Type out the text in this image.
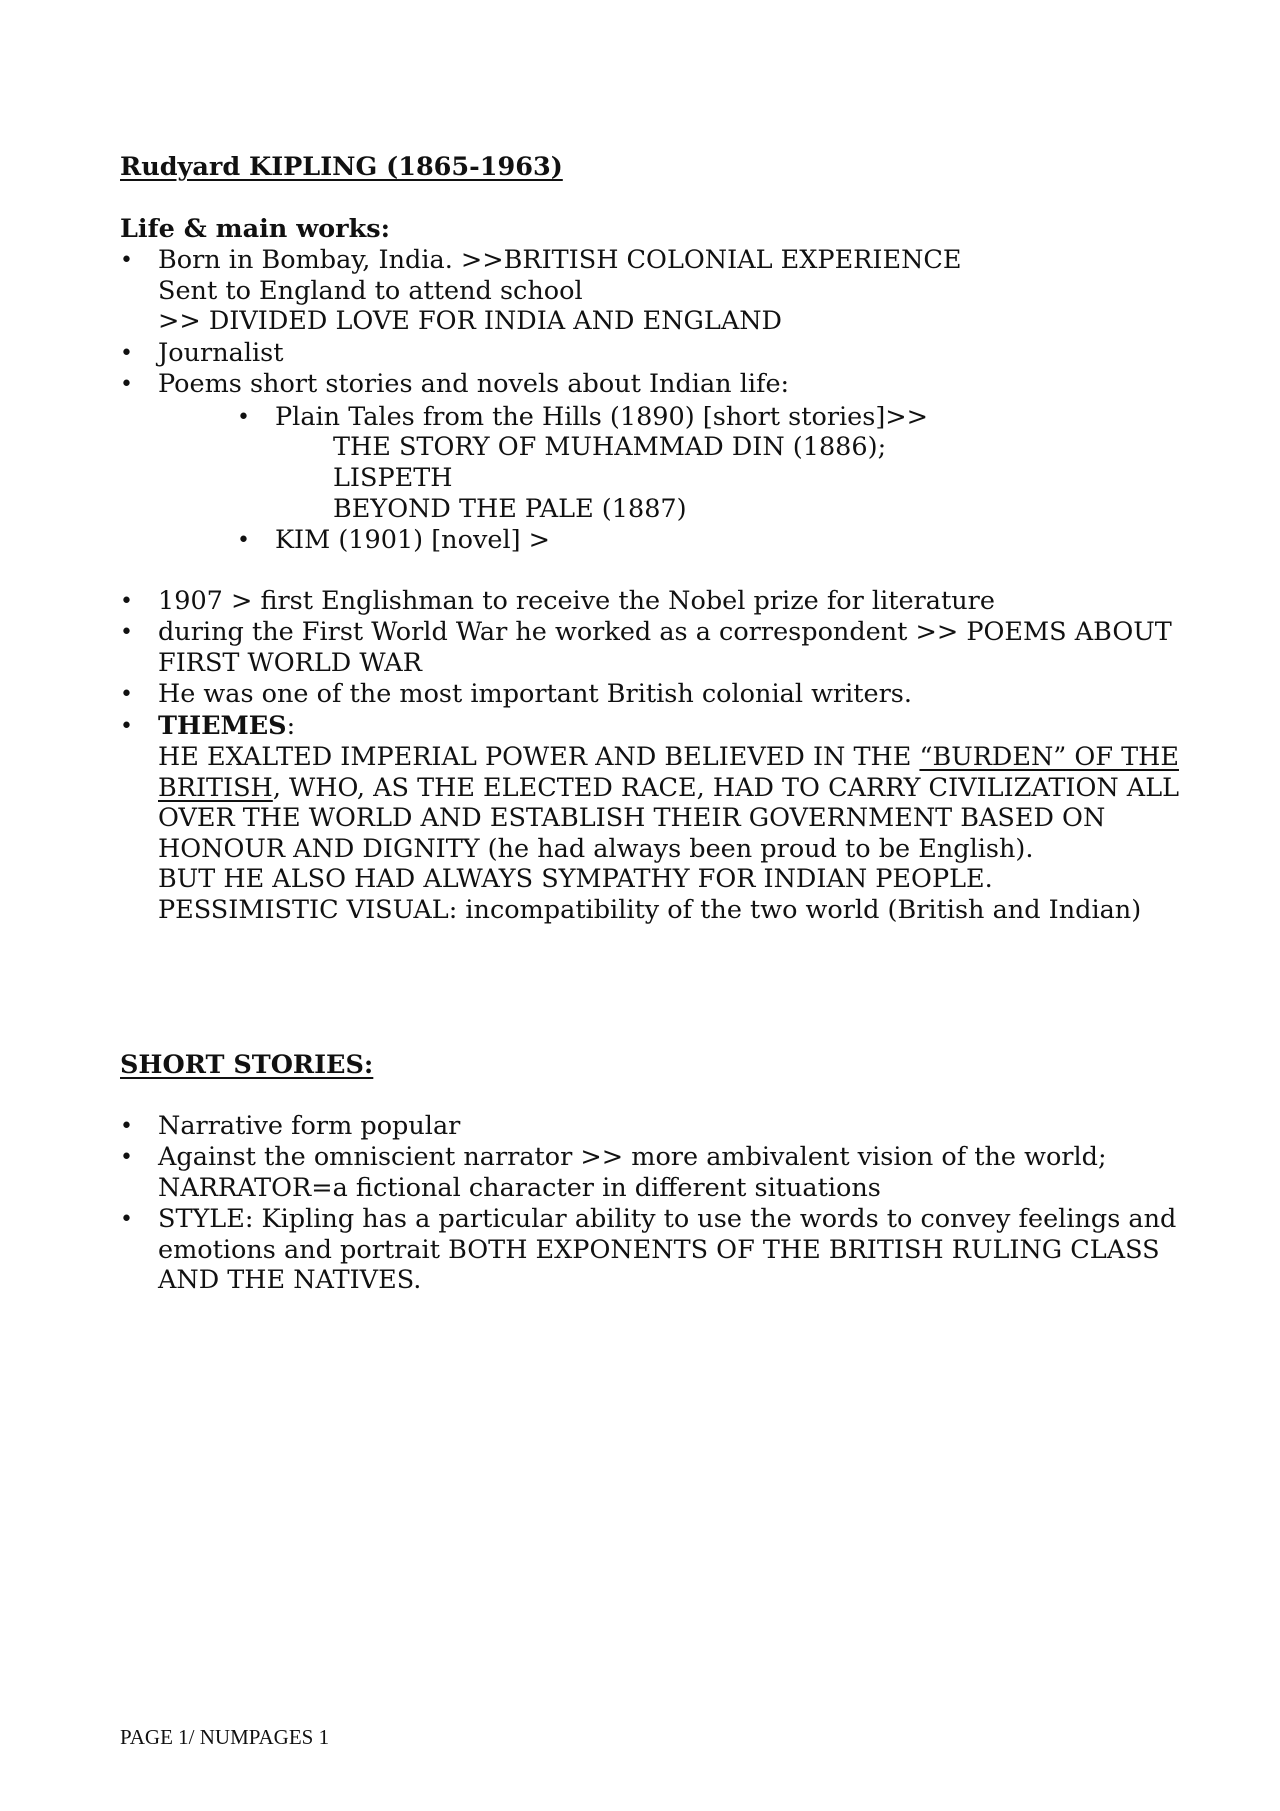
Rudyard KIPLING (1865-1963)
Life & main works:
• Born in Bombay, India. >>BRITISH COLONIAL EXPERIENCE
Sent to England to attend school
>> DIVIDED LOVE FOR INDIA AND ENGLAND
• Journalist
• Poems short stories and novels about Indian life:
• Plain Tales from the Hills (1890) [short stories]>>
THE STORY OF MUHAMMAD DIN (1886);
LISPETH
BEYOND THE PALE (1887)
• KIM (1901) [novel] >
• 1907 > first Englishman to receive the Nobel prize for literature
• during the First World War he worked as a correspondent >> POEMS ABOUT
FIRST WORLD WAR
• He was one of the most important British colonial writers.
• THEMES:
HE EXALTED IMPERIAL POWER AND BELIEVED IN THE “BURDEN” OF THE
BRITISH, WHO, AS THE ELECTED RACE, HAD TO CARRY CIVILIZATION ALL
OVER THE WORLD AND ESTABLISH THEIR GOVERNMENT BASED ON
HONOUR AND DIGNITY (he had always been proud to be English).
BUT HE ALSO HAD ALWAYS SYMPATHY FOR INDIAN PEOPLE.
PESSIMISTIC VISUAL: incompatibility of the two world (British and Indian)
SHORT STORIES:
• Narrative form popular
• Against the omniscient narrator >> more ambivalent vision of the world;
NARRATOR=a fictional character in different situations
• STYLE: Kipling has a particular ability to use the words to convey feelings and
emotions and portrait BOTH EXPONENTS OF THE BRITISH RULING CLASS
AND THE NATIVES.
PAGE 1/ NUMPAGES 1
